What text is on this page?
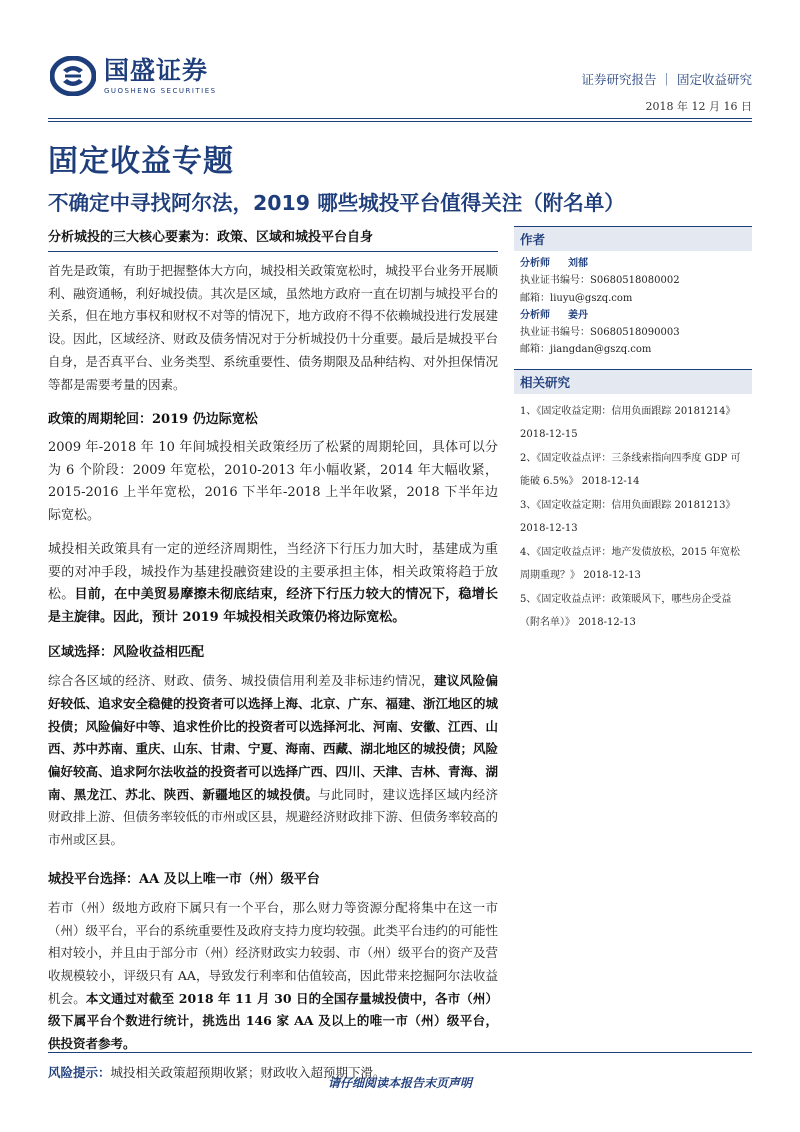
国盛证券
GUOSHENG SECURITIES
证券研究报告 ｜ 固定收益研究
2018 年 12 月 16 日
固定收益专题
不确定中寻找阿尔法，2019 哪些城投平台值得关注（附名单）
分析城投的三大核心要素为：政策、区域和城投平台自身

首先是政策，有助于把握整体大方向，城投相关政策宽松时，城投平台业务开展顺利、融资通畅，利好城投债。其次是区域，虽然地方政府一直在切割与城投平台的关系，但在地方事权和财权不对等的情况下，地方政府不得不依赖城投进行发展建设。因此，区域经济、财政及债务情况对于分析城投仍十分重要。最后是城投平台自身，是否真平台、业务类型、系统重要性、债务期限及品种结构、对外担保情况等都是需要考量的因素。

政策的周期轮回：2019 仍边际宽松

2009 年-2018 年 10 年间城投相关政策经历了松紧的周期轮回，具体可以分为 6 个阶段：2009 年宽松，2010-2013 年小幅收紧，2014 年大幅收紧，2015-2016 上半年宽松，2016 下半年-2018 上半年收紧，2018 下半年边际宽松。

城投相关政策具有一定的逆经济周期性，当经济下行压力加大时，基建成为重要的对冲手段，城投作为基建投融资建设的主要承担主体，相关政策将趋于放松。目前，在中美贸易摩擦未彻底结束，经济下行压力较大的情况下，稳增长是主旋律。因此，预计 2019 年城投相关政策仍将边际宽松。

区域选择：风险收益相匹配

综合各区域的经济、财政、债务、城投债信用利差及非标违约情况，建议风险偏好较低、追求安全稳健的投资者可以选择上海、北京、广东、福建、浙江地区的城投债；风险偏好中等、追求性价比的投资者可以选择河北、河南、安徽、江西、山西、苏中苏南、重庆、山东、甘肃、宁夏、海南、西藏、湖北地区的城投债；风险偏好较高、追求阿尔法收益的投资者可以选择广西、四川、天津、吉林、青海、湖南、黑龙江、苏北、陕西、新疆地区的城投债。与此同时，建议选择区域内经济财政排上游、但债务率较低的市州或区县，规避经济财政排下游、但债务率较高的市州或区县。

城投平台选择：AA 及以上唯一市（州）级平台

若市（州）级地方政府下属只有一个平台，那么财力等资源分配将集中在这一市（州）级平台，平台的系统重要性及政府支持力度均较强。此类平台违约的可能性相对较小，并且由于部分市（州）经济财政实力较弱、市（州）级平台的资产及营收规模较小，评级只有 AA，导致发行利率和估值较高，因此带来挖掘阿尔法收益机会。本文通过对截至 2018 年 11 月 30 日的全国存量城投债中，各市（州）级下属平台个数进行统计，挑选出 146 家 AA 及以上的唯一市（州）级平台，供投资者参考。

风险提示：城投相关政策超预期收紧；财政收入超预期下滑。

作者
分析师 刘郁
执业证书编号：S0680518080002
邮箱：liuyu@gszq.com
分析师 姜丹
执业证书编号：S0680518090003
邮箱：jiangdan@gszq.com
相关研究
1、《固定收益定期：信用负面跟踪 20181214》
2018-12-15
2、《固定收益点评：三条线索指向四季度 GDP 可能破 6.5%》 2018-12-14
3、《固定收益定期：信用负面跟踪 20181213》
2018-12-13
4、《固定收益点评：地产发债放松，2015 年宽松周期重现？》 2018-12-13
5、《固定收益点评：政策暖风下，哪些房企受益（附名单）》 2018-12-13
请仔细阅读本报告末页声明
